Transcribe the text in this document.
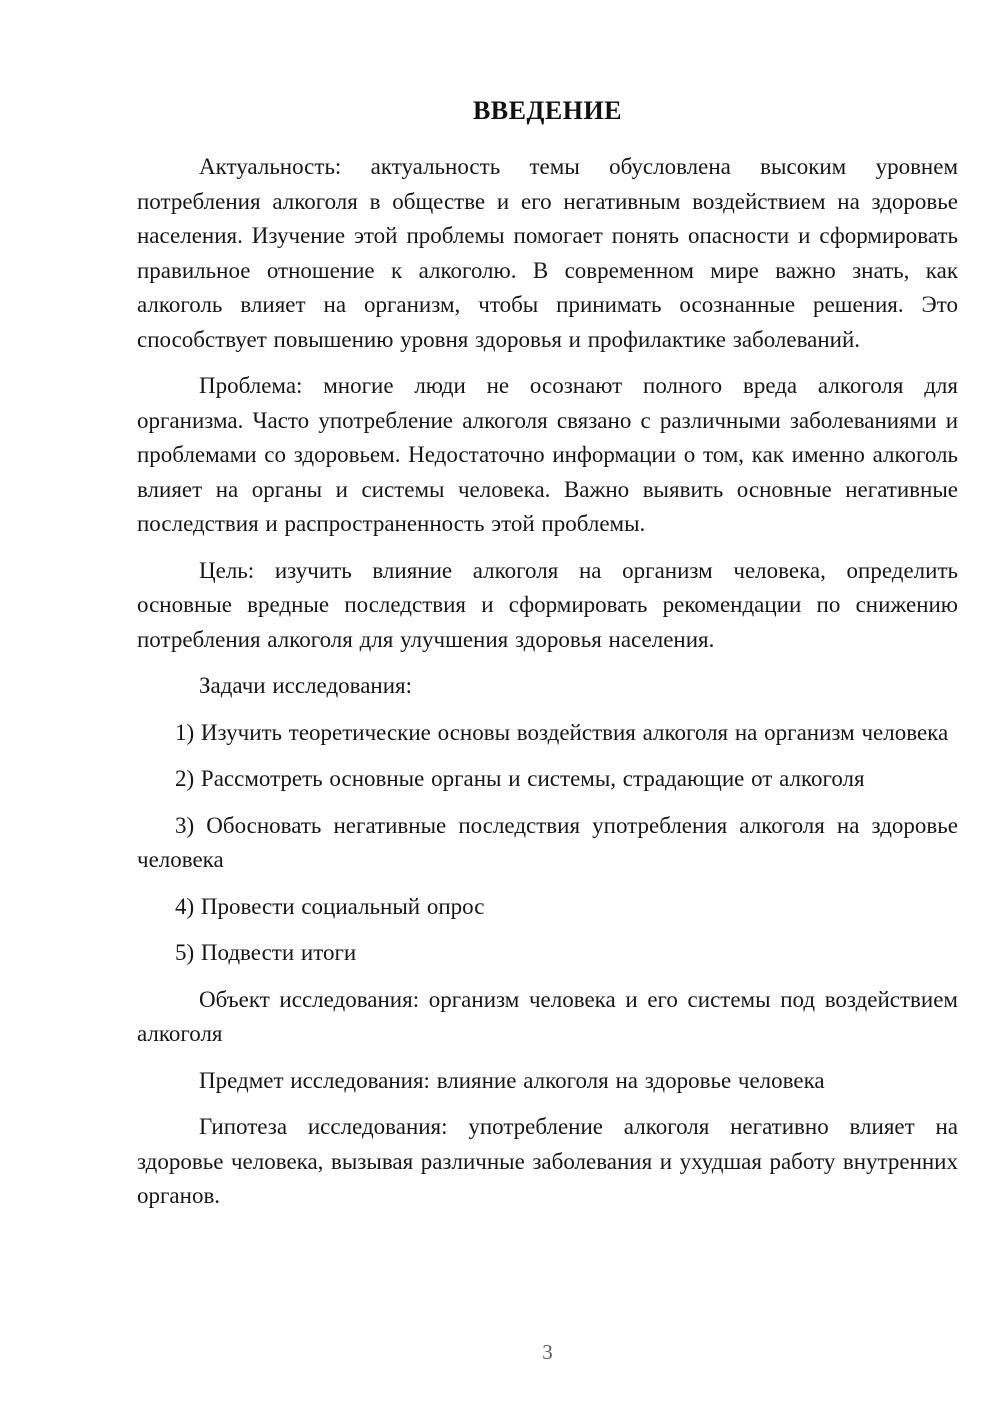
ВВЕДЕНИЕ

Актуальность: актуальность темы обусловлена высоким уровнем потребления алкоголя в обществе и его негативным воздействием на здоровье населения. Изучение этой проблемы помогает понять опасности и сформировать правильное отношение к алкоголю. В современном мире важно знать, как алкоголь влияет на организм, чтобы принимать осознанные решения. Это способствует повышению уровня здоровья и профилактике заболеваний.

Проблема: многие люди не осознают полного вреда алкоголя для организма. Часто употребление алкоголя связано с различными заболеваниями и проблемами со здоровьем. Недостаточно информации о том, как именно алкоголь влияет на органы и системы человека. Важно выявить основные негативные последствия и распространенность этой проблемы.

Цель: изучить влияние алкоголя на организм человека, определить основные вредные последствия и сформировать рекомендации по снижению потребления алкоголя для улучшения здоровья населения.

Задачи исследования:

1) Изучить теоретические основы воздействия алкоголя на организм человека

2) Рассмотреть основные органы и системы, страдающие от алкоголя

3) Обосновать негативные последствия употребления алкоголя на здоровье человека

4) Провести социальный опрос

5) Подвести итоги

Объект исследования: организм человека и его системы под воздействием алкоголя

Предмет исследования: влияние алкоголя на здоровье человека

Гипотеза исследования: употребление алкоголя негативно влияет на здоровье человека, вызывая различные заболевания и ухудшая работу внутренних органов.

3
